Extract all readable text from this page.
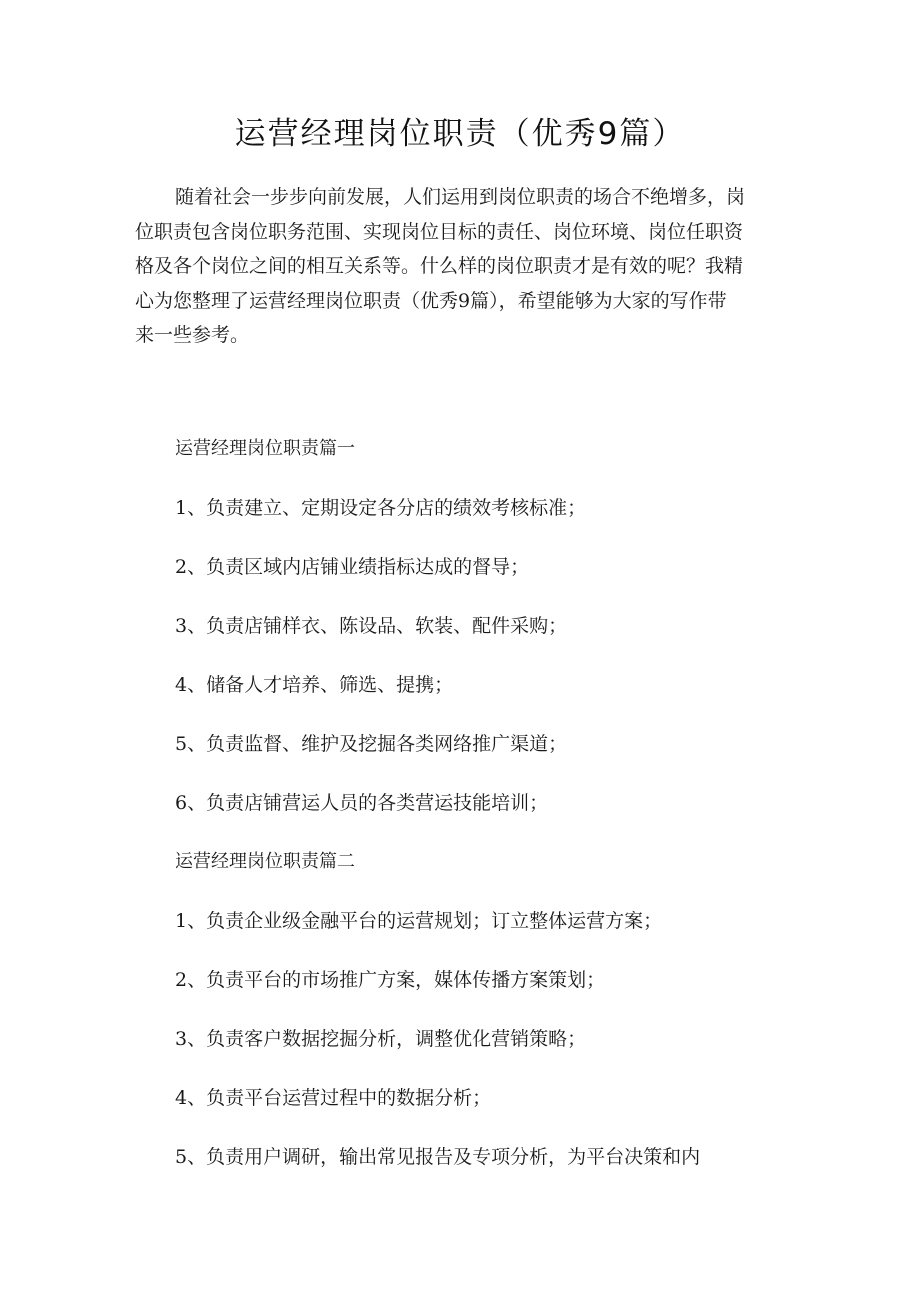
运营经理岗位职责（优秀9篇）
随着社会一步步向前发展，人们运用到岗位职责的场合不绝增多，岗
位职责包含岗位职务范围、实现岗位目标的责任、岗位环境、岗位任职资
格及各个岗位之间的相互关系等。什么样的岗位职责才是有效的呢？我精
心为您整理了运营经理岗位职责（优秀9篇），希望能够为大家的写作带
来一些参考。
运营经理岗位职责篇一
1、负责建立、定期设定各分店的绩效考核标准；
2、负责区域内店铺业绩指标达成的督导；
3、负责店铺样衣、陈设品、软装、配件采购；
4、储备人才培养、筛选、提携；
5、负责监督、维护及挖掘各类网络推广渠道；
6、负责店铺营运人员的各类营运技能培训；
运营经理岗位职责篇二
1、负责企业级金融平台的运营规划；订立整体运营方案；
2、负责平台的市场推广方案，媒体传播方案策划；
3、负责客户数据挖掘分析，调整优化营销策略；
4、负责平台运营过程中的数据分析；
5、负责用户调研，输出常见报告及专项分析，为平台决策和内
